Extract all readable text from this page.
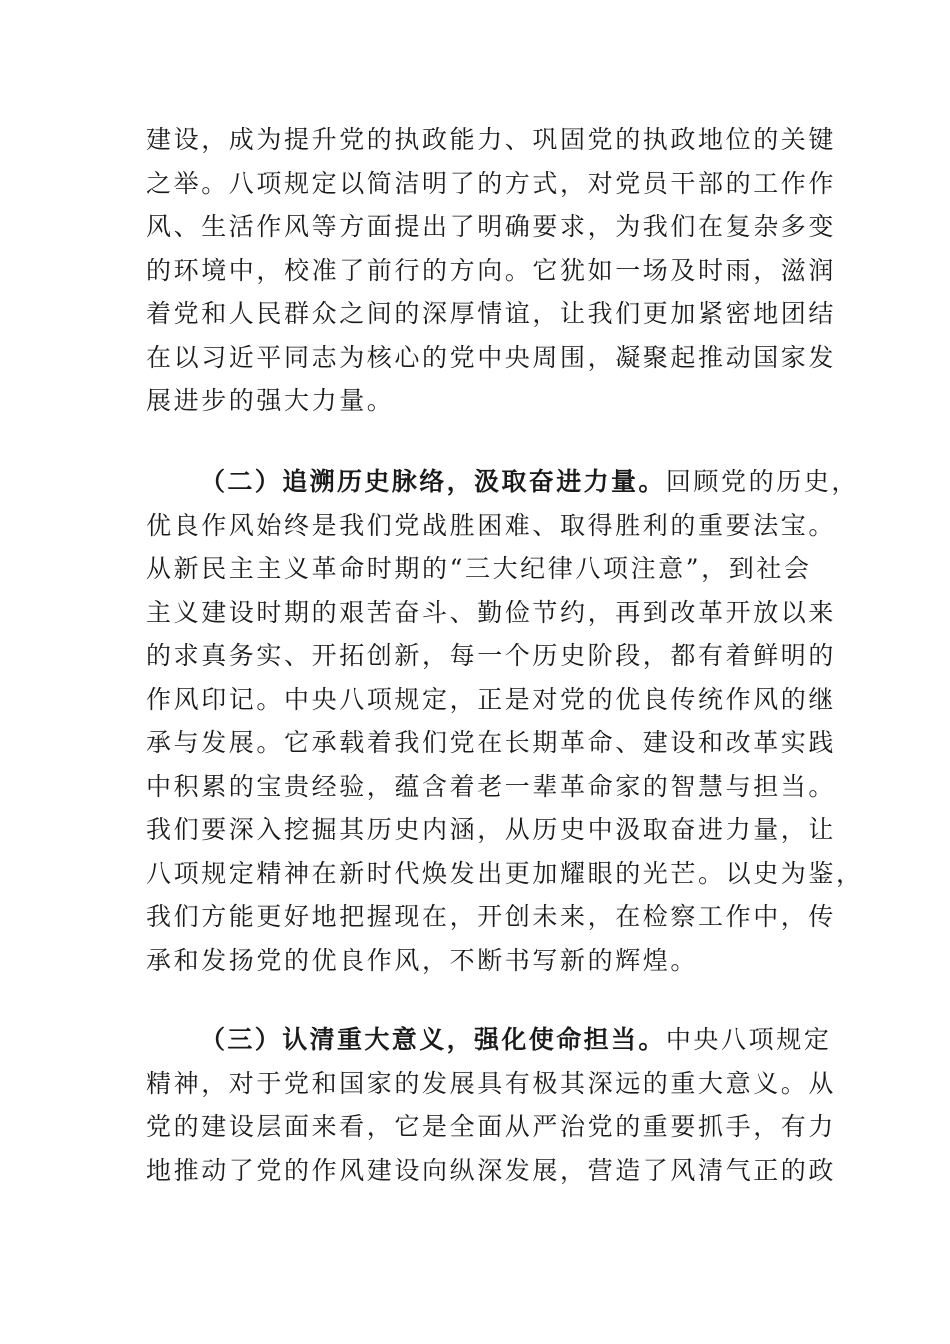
建设，成为提升党的执政能力、巩固党的执政地位的关键
之举。八项规定以简洁明了的方式，对党员干部的工作作
风、生活作风等方面提出了明确要求，为我们在复杂多变
的环境中，校准了前行的方向。它犹如一场及时雨，滋润
着党和人民群众之间的深厚情谊，让我们更加紧密地团结
在以习近平同志为核心的党中央周围，凝聚起推动国家发
展进步的强大力量。
（二）追溯历史脉络，汲取奋进力量。回顾党的历史，
优良作风始终是我们党战胜困难、取得胜利的重要法宝。
从新民主主义革命时期的“三大纪律八项注意”，到社会
主义建设时期的艰苦奋斗、勤俭节约，再到改革开放以来
的求真务实、开拓创新，每一个历史阶段，都有着鲜明的
作风印记。中央八项规定，正是对党的优良传统作风的继
承与发展。它承载着我们党在长期革命、建设和改革实践
中积累的宝贵经验，蕴含着老一辈革命家的智慧与担当。
我们要深入挖掘其历史内涵，从历史中汲取奋进力量，让
八项规定精神在新时代焕发出更加耀眼的光芒。以史为鉴，
我们方能更好地把握现在，开创未来，在检察工作中，传
承和发扬党的优良作风，不断书写新的辉煌。
（三）认清重大意义，强化使命担当。中央八项规定
精神，对于党和国家的发展具有极其深远的重大意义。从
党的建设层面来看，它是全面从严治党的重要抓手，有力
地推动了党的作风建设向纵深发展，营造了风清气正的政
